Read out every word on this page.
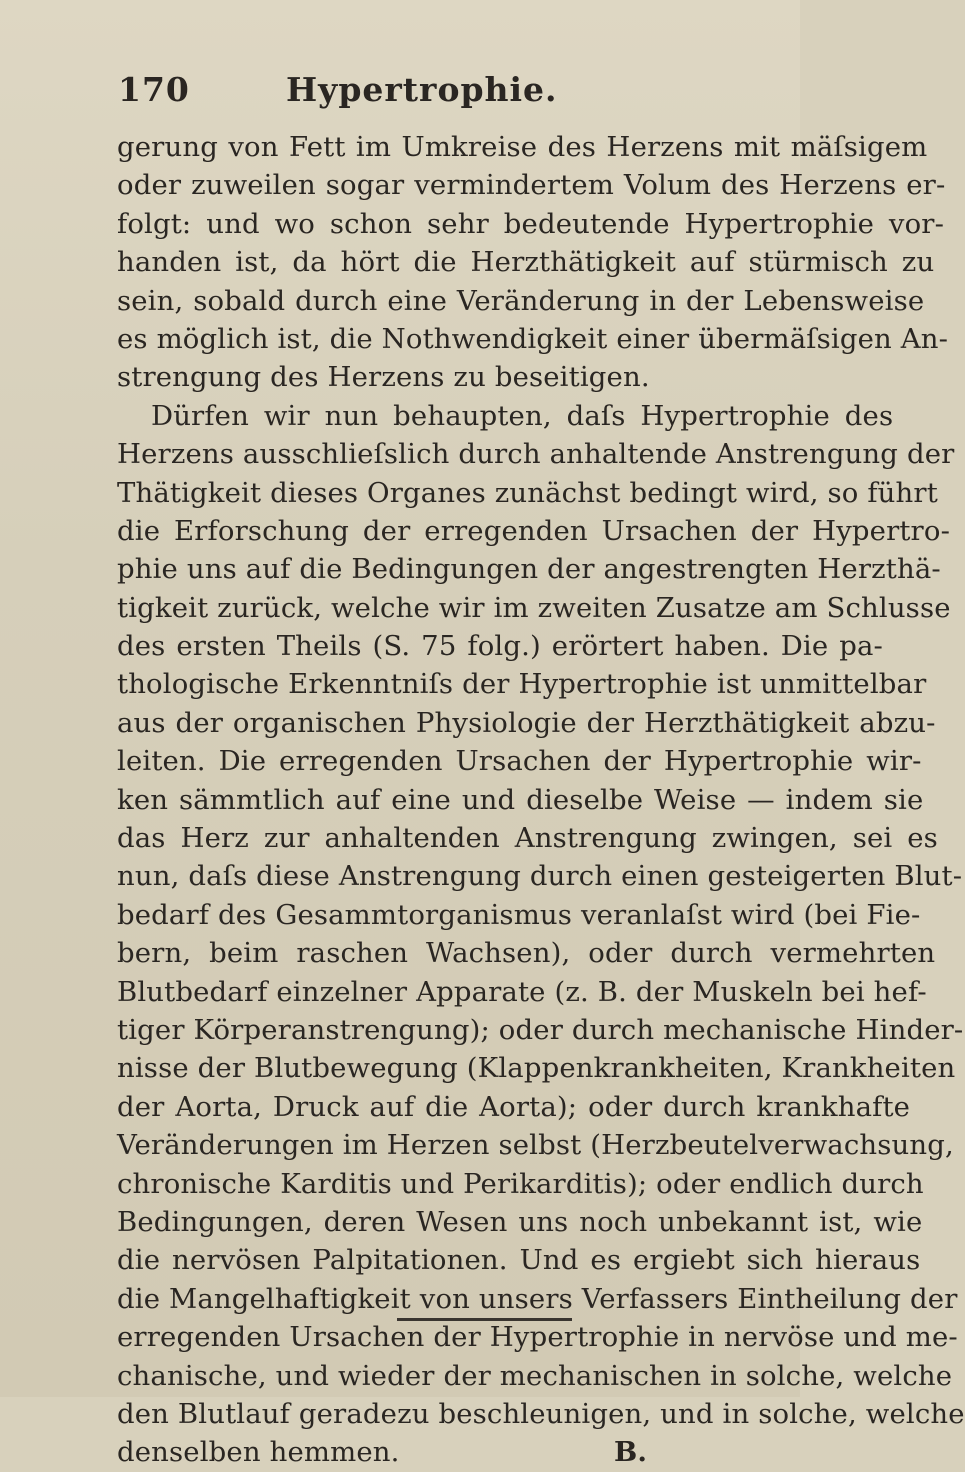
170	Hypertrophie.
gerung von Fett im Umkreise des Herzens mit mäſsigem
oder zuweilen sogar vermindertem Volum des Herzens er-
folgt: und wo schon sehr bedeutende Hypertrophie vor-
handen ist, da hört die Herzthätigkeit auf stürmisch zu
sein, sobald durch eine Veränderung in der Lebensweise
es möglich ist, die Nothwendigkeit einer übermäſsigen An-
strengung des Herzens zu beseitigen.
Dürfen wir nun behaupten, daſs Hypertrophie des
Herzens ausschlieſslich durch anhaltende Anstrengung der
Thätigkeit dieses Organes zunächst bedingt wird, so führt
die Erforschung der erregenden Ursachen der Hypertro-
phie uns auf die Bedingungen der angestrengten Herzthä-
tigkeit zurück, welche wir im zweiten Zusatze am Schlusse
des ersten Theils (S. 75 folg.) erörtert haben. Die pa-
thologische Erkenntniſs der Hypertrophie ist unmittelbar
aus der organischen Physiologie der Herzthätigkeit abzu-
leiten. Die erregenden Ursachen der Hypertrophie wir-
ken sämmtlich auf eine und dieselbe Weise — indem sie
das Herz zur anhaltenden Anstrengung zwingen, sei es
nun, daſs diese Anstrengung durch einen gesteigerten Blut-
bedarf des Gesammtorganismus veranlaſst wird (bei Fie-
bern, beim raschen Wachsen), oder durch vermehrten
Blutbedarf einzelner Apparate (z. B. der Muskeln bei hef-
tiger Körperanstrengung); oder durch mechanische Hinder-
nisse der Blutbewegung (Klappenkrankheiten, Krankheiten
der Aorta, Druck auf die Aorta); oder durch krankhafte
Veränderungen im Herzen selbst (Herzbeutelverwachsung,
chronische Karditis und Perikarditis); oder endlich durch
Bedingungen, deren Wesen uns noch unbekannt ist, wie
die nervösen Palpitationen. Und es ergiebt sich hieraus
die Mangelhaftigkeit von unsers Verfassers Eintheilung der
erregenden Ursachen der Hypertrophie in nervöse und me-
chanische, und wieder der mechanischen in solche, welche
den Blutlauf geradezu beschleunigen, und in solche, welche
denselben hemmen.	B.
